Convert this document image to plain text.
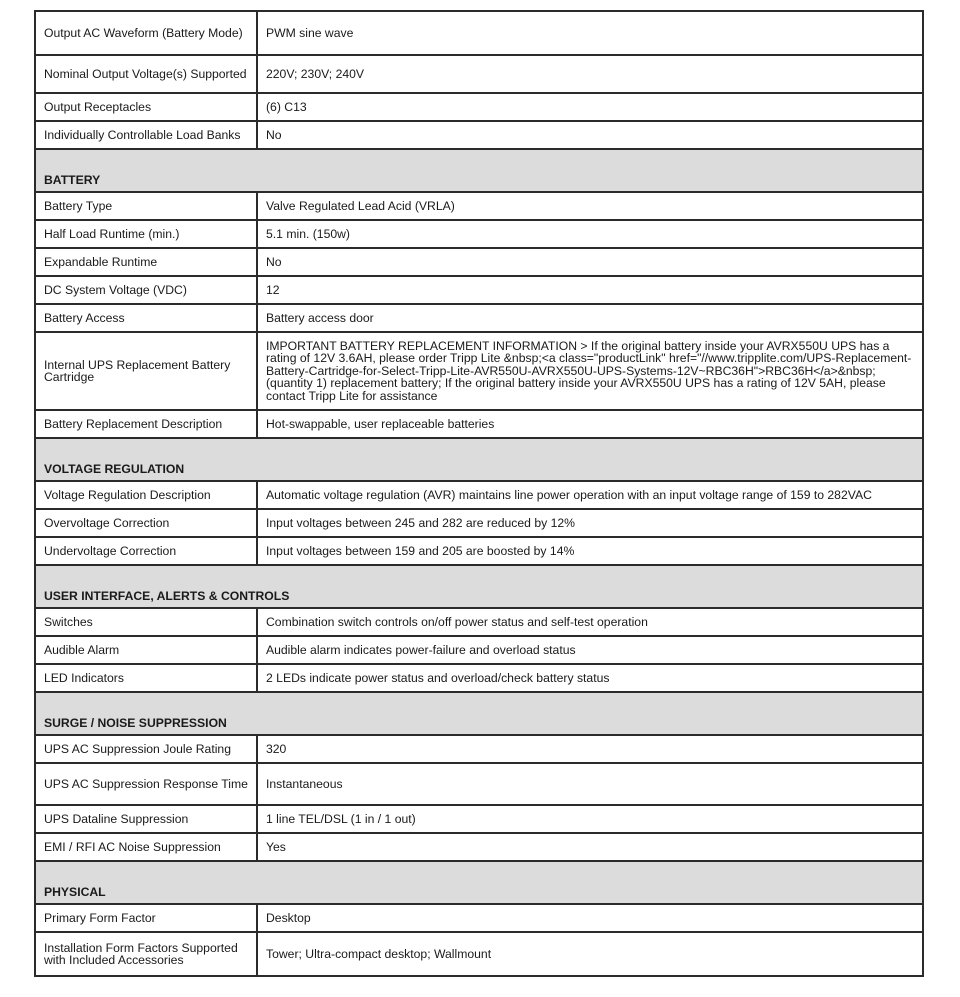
Output AC Waveform (Battery Mode)	PWM sine wave
Nominal Output Voltage(s) Supported	220V; 230V; 240V
Output Receptacles	(6) C13
Individually Controllable Load Banks	No
BATTERY	
Battery Type	Valve Regulated Lead Acid (VRLA)
Half Load Runtime (min.)	5.1 min. (150w)
Expandable Runtime	No
DC System Voltage (VDC)	12
Battery Access	Battery access door
Internal UPS Replacement Battery Cartridge	IMPORTANT BATTERY REPLACEMENT INFORMATION > If the original battery inside your AVRX550U UPS has a rating of 12V 3.6AH, please order Tripp Lite &nbsp;<a class="productLink" href="//www.tripplite.com/UPS-Replacement-Battery-Cartridge-for-Select-Tripp-Lite-AVR550U-AVRX550U-UPS-Systems-12V~RBC36H">RBC36H</a>&nbsp; (quantity 1) replacement battery; If the original battery inside your AVRX550U UPS has a rating of 12V 5AH, please contact Tripp Lite for assistance
Battery Replacement Description	Hot-swappable, user replaceable batteries
VOLTAGE REGULATION	
Voltage Regulation Description	Automatic voltage regulation (AVR) maintains line power operation with an input voltage range of 159 to 282VAC
Overvoltage Correction	Input voltages between 245 and 282 are reduced by 12%
Undervoltage Correction	Input voltages between 159 and 205 are boosted by 14%
USER INTERFACE, ALERTS & CONTROLS	
Switches	Combination switch controls on/off power status and self-test operation
Audible Alarm	Audible alarm indicates power-failure and overload status
LED Indicators	2 LEDs indicate power status and overload/check battery status
SURGE / NOISE SUPPRESSION	
UPS AC Suppression Joule Rating	320
UPS AC Suppression Response Time	Instantaneous
UPS Dataline Suppression	1 line TEL/DSL (1 in / 1 out)
EMI / RFI AC Noise Suppression	Yes
PHYSICAL	
Primary Form Factor	Desktop
Installation Form Factors Supported with Included Accessories	Tower; Ultra-compact desktop; Wallmount
